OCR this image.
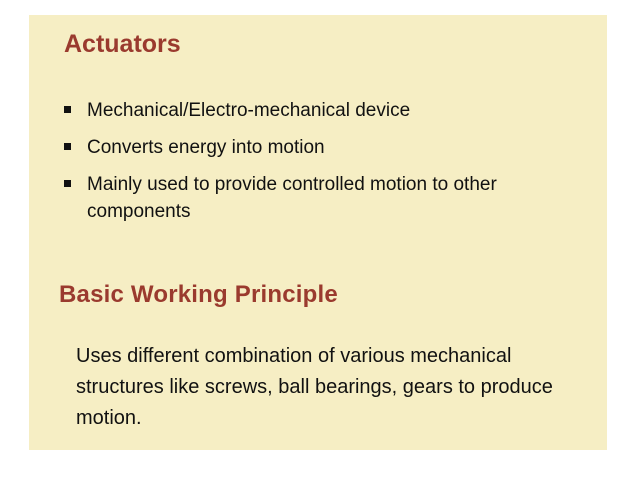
Actuators
Mechanical/Electro-mechanical device
Converts energy into motion
Mainly used to provide controlled motion to other components
Basic Working Principle

Uses different combination of various mechanical structures like screws, ball bearings, gears to produce motion.
